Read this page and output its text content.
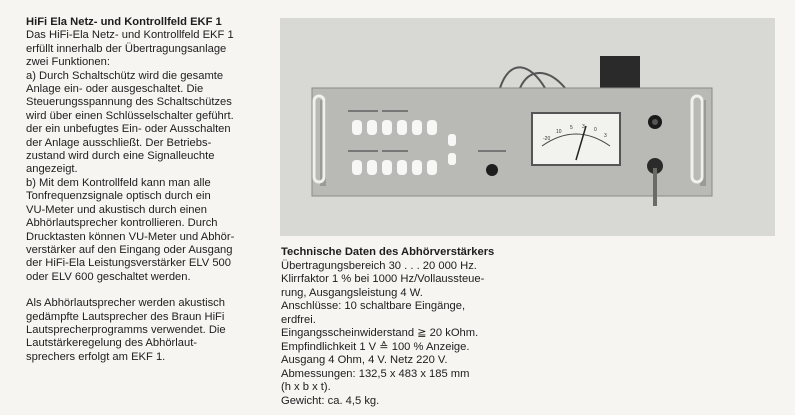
HiFi Ela Netz- und Kontrollfeld EKF 1

Das HiFi-Ela Netz- und Kontrollfeld EKF 1

erfüllt innerhalb der Übertragungsanlage

zwei Funktionen:

a) Durch Schaltschütz wird die gesamte

Anlage ein- oder ausgeschaltet. Die

Steuerungsspannung des Schaltschützes

wird über einen Schlüsselschalter geführt.

der ein unbefugtes Ein- oder Ausschalten

der Anlage ausschließt. Der Betriebs-

zustand wird durch eine Signalleuchte

angezeigt.

b) Mit dem Kontrollfeld kann man alle

Tonfrequenzsignale optisch durch ein

VU-Meter und akustisch durch einen

Abhörlautsprecher kontrollieren. Durch

Drucktasten können VU-Meter und Abhör-

verstärker auf den Eingang oder Ausgang

der HiFi-Ela Leistungsverstärker ELV 500

oder ELV 600 geschaltet werden.

Als Abhörlautsprecher werden akustisch

gedämpfte Lautsprecher des Braun HiFi

Lautsprecherprogramms verwendet. Die

Lautstärkeregelung des Abhörlaut-

sprechers erfolgt am EKF 1.

-20
10
5 3 0
3
Technische Daten des Abhörverstärkers

Übertragungsbereich 30 . . . 20 000 Hz.

Klirrfaktor 1 % bei 1000 Hz/Vollaussteue-

rung, Ausgangsleistung 4 W.

Anschlüsse: 10 schaltbare Eingänge,

erdfrei.

Eingangsscheinwiderstand ≧ 20 kOhm.

Empfindlichkeit 1 V ≙ 100 % Anzeige.

Ausgang 4 Ohm, 4 V. Netz 220 V.

Abmessungen: 132,5 x 483 x 185 mm

(h x b x t).

Gewicht: ca. 4,5 kg.
